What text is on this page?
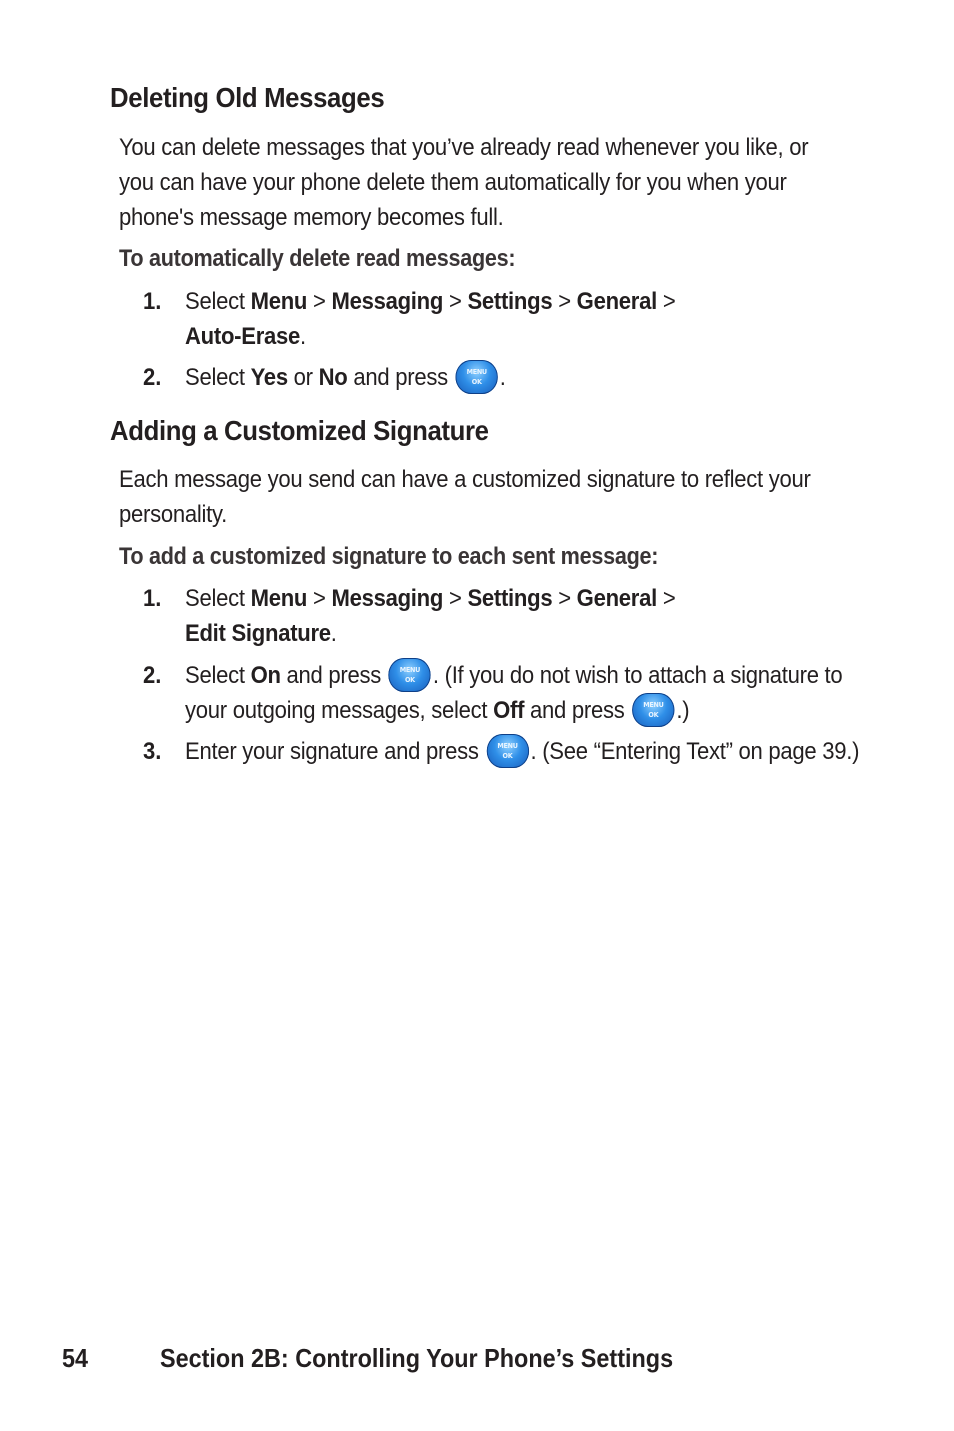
Deleting Old Messages

You can delete messages that you’ve already read whenever you like, or you can have your phone delete them automatically for you when your phone's message memory becomes full.

To automatically delete read messages:

1. Select Menu > Messaging > Settings > General >
Auto-Erase.
2. Select Yes or No and press	MENU
OK .
Adding a Customized Signature

Each message you send can have a customized signature to reflect your personality.

To add a customized signature to each sent message:

1. Select Menu > Messaging > Settings > General >
Edit Signature.
2. Select On and press	MENU
OK . (If you do not wish to attach a signature to your outgoing messages, select Off and press	MENU
OK .)
3. Enter your signature and press	MENU
OK . (See “Entering Text” on page 39.)
54	Section 2B: Controlling Your Phone’s Settings
